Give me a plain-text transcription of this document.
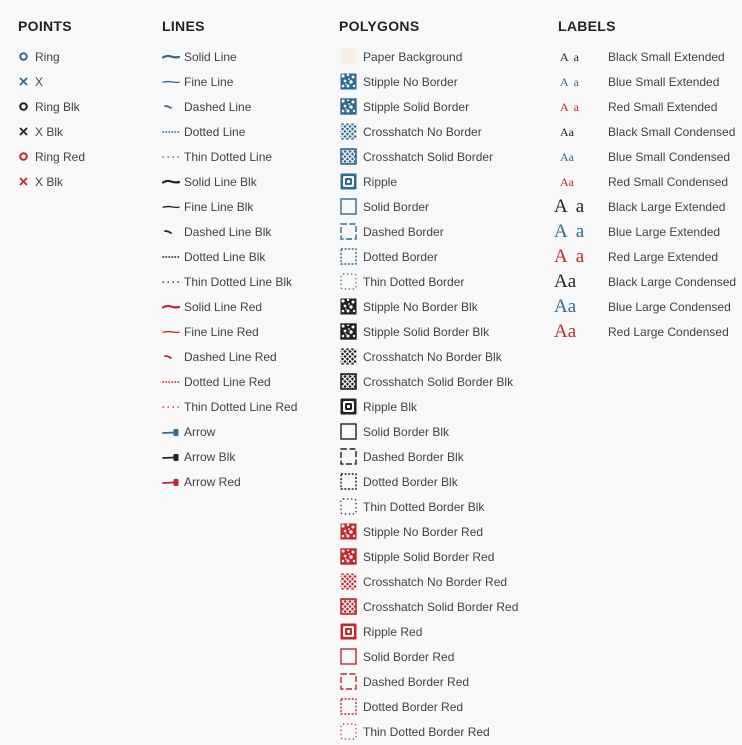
POINTS
Ring
X
Ring Blk
X Blk
Ring Red
X Blk
LINES
Solid Line
Fine Line
Dashed Line
Dotted Line
Thin Dotted Line
Solid Line Blk
Fine Line Blk
Dashed Line Blk
Dotted Line Blk
Thin Dotted Line Blk
Solid Line Red
Fine Line Red
Dashed Line Red
Dotted Line Red
Thin Dotted Line Red
Arrow
Arrow Blk
Arrow Red
POLYGONS
Paper Background
Stipple No Border
Stipple Solid Border
Crosshatch No Border
Crosshatch Solid Border
Ripple
Solid Border
Dashed Border
Dotted Border
Thin Dotted Border
Stipple No Border Blk
Stipple Solid Border Blk
Crosshatch No Border Blk
Crosshatch Solid Border Blk
Ripple Blk
Solid Border Blk
Dashed Border Blk
Dotted Border Blk
Thin Dotted Border Blk
Stipple No Border Red
Stipple Solid Border Red
Crosshatch No Border Red
Crosshatch Solid Border Red
Ripple Red
Solid Border Red
Dashed Border Red
Dotted Border Red
Thin Dotted Border Red
LABELS
Aa Black Small Extended
Aa Blue Small Extended
Aa Red Small Extended
Aa	Black Small Condensed
Aa	Blue Small Condensed
Aa	Red Small Condensed
Aa Black Large Extended
Aa Blue Large Extended
Aa Red Large Extended
Aa	Black Large Condensed
Aa	Blue Large Condensed
Aa	Red Large Condensed
